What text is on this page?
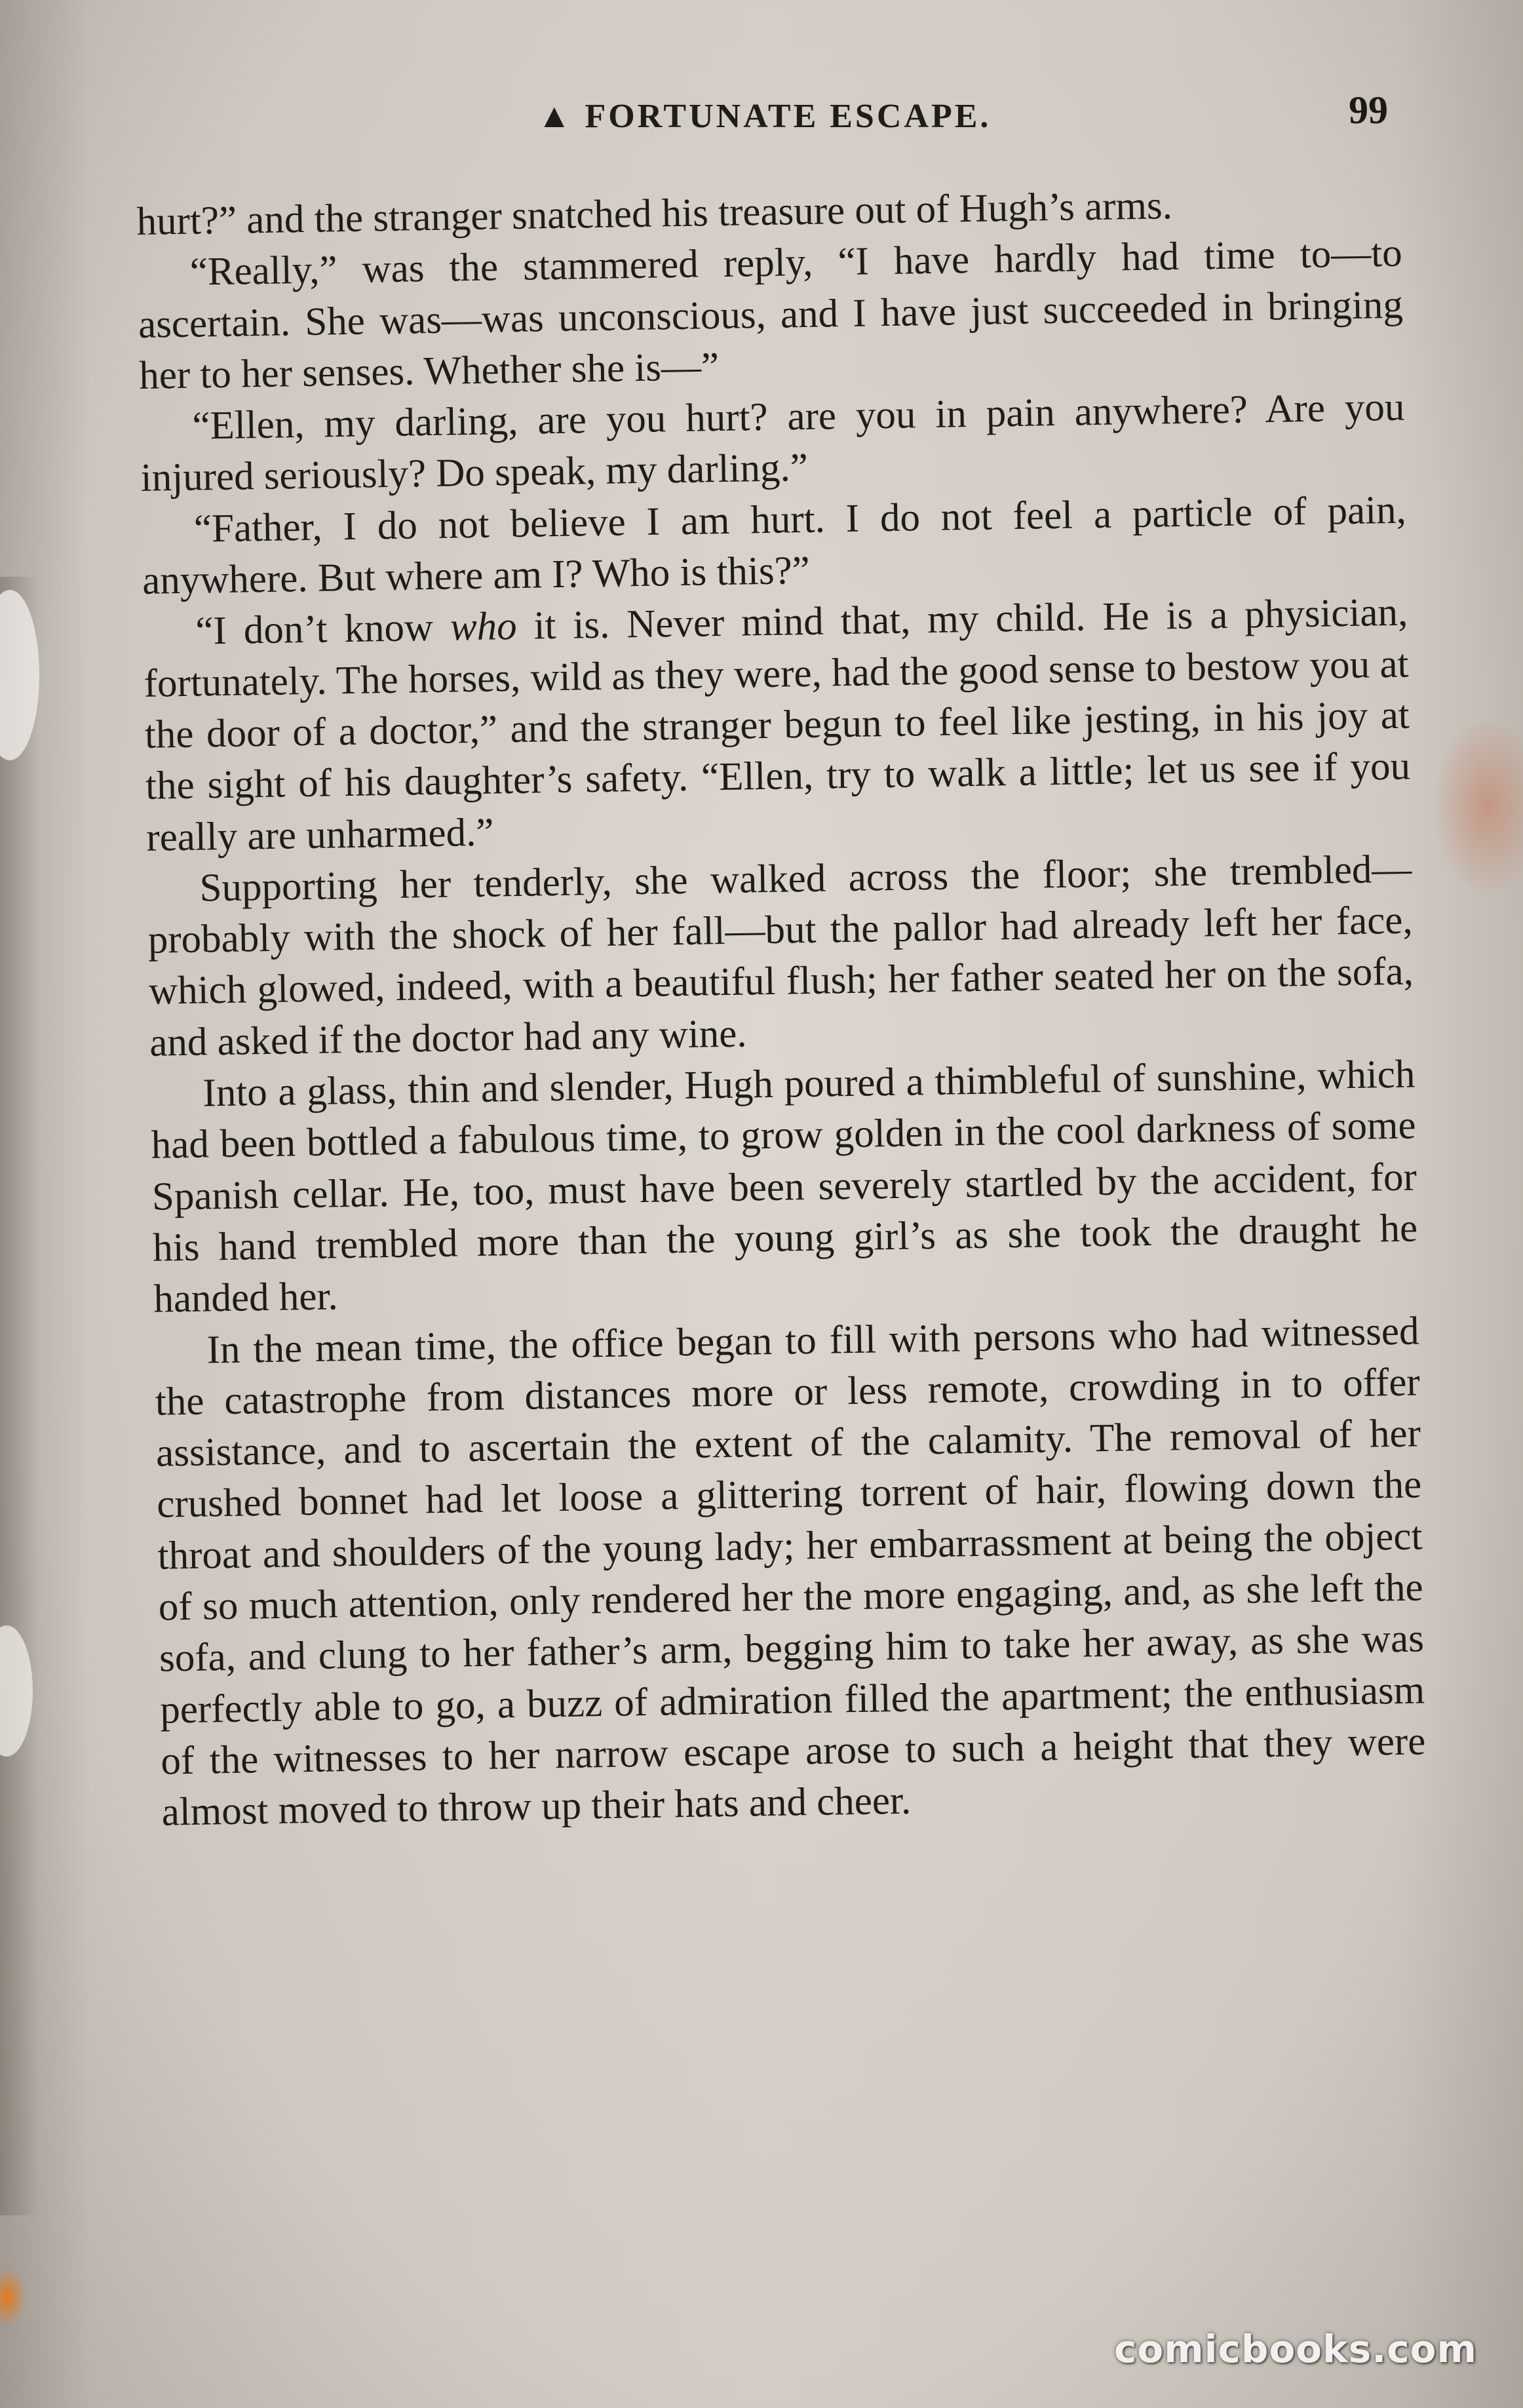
▲ FORTUNATE ESCAPE.	99

hurt?” and the stranger snatched his treasure out of Hugh’s arms.

“Really,” was the stammered reply, “I have hardly had time to—to ascertain. She was—was unconscious, and I have just succeeded in bringing her to her senses. Whether she is—”

“Ellen, my darling, are you hurt? are you in pain anywhere? Are you injured seriously? Do speak, my darling.”

“Father, I do not believe I am hurt. I do not feel a particle of pain, anywhere. But where am I? Who is this?”

“I don’t know who it is. Never mind that, my child. He is a physician, fortunately. The horses, wild as they were, had the good sense to bestow you at the door of a doctor,” and the stranger begun to feel like jesting, in his joy at the sight of his daughter’s safety. “Ellen, try to walk a little; let us see if you really are unharmed.”

Supporting her tenderly, she walked across the floor; she trembled—probably with the shock of her fall—but the pallor had already left her face, which glowed, indeed, with a beautiful flush; her father seated her on the sofa, and asked if the doctor had any wine.

Into a glass, thin and slender, Hugh poured a thimbleful of sunshine, which had been bottled a fabulous time, to grow golden in the cool darkness of some Spanish cellar. He, too, must have been severely startled by the accident, for his hand trembled more than the young girl’s as she took the draught he handed her.

In the mean time, the office began to fill with persons who had witnessed the catastrophe from distances more or less remote, crowding in to offer assistance, and to ascertain the extent of the calamity. The removal of her crushed bonnet had let loose a glittering torrent of hair, flowing down the throat and shoulders of the young lady; her embarrassment at being the object of so much attention, only rendered her the more engaging, and, as she left the sofa, and clung to her father’s arm, begging him to take her away, as she was perfectly able to go, a buzz of admiration filled the apartment; the enthusiasm of the witnesses to her narrow escape arose to such a height that they were almost moved to throw up their hats and cheer.

comicbooks.com
